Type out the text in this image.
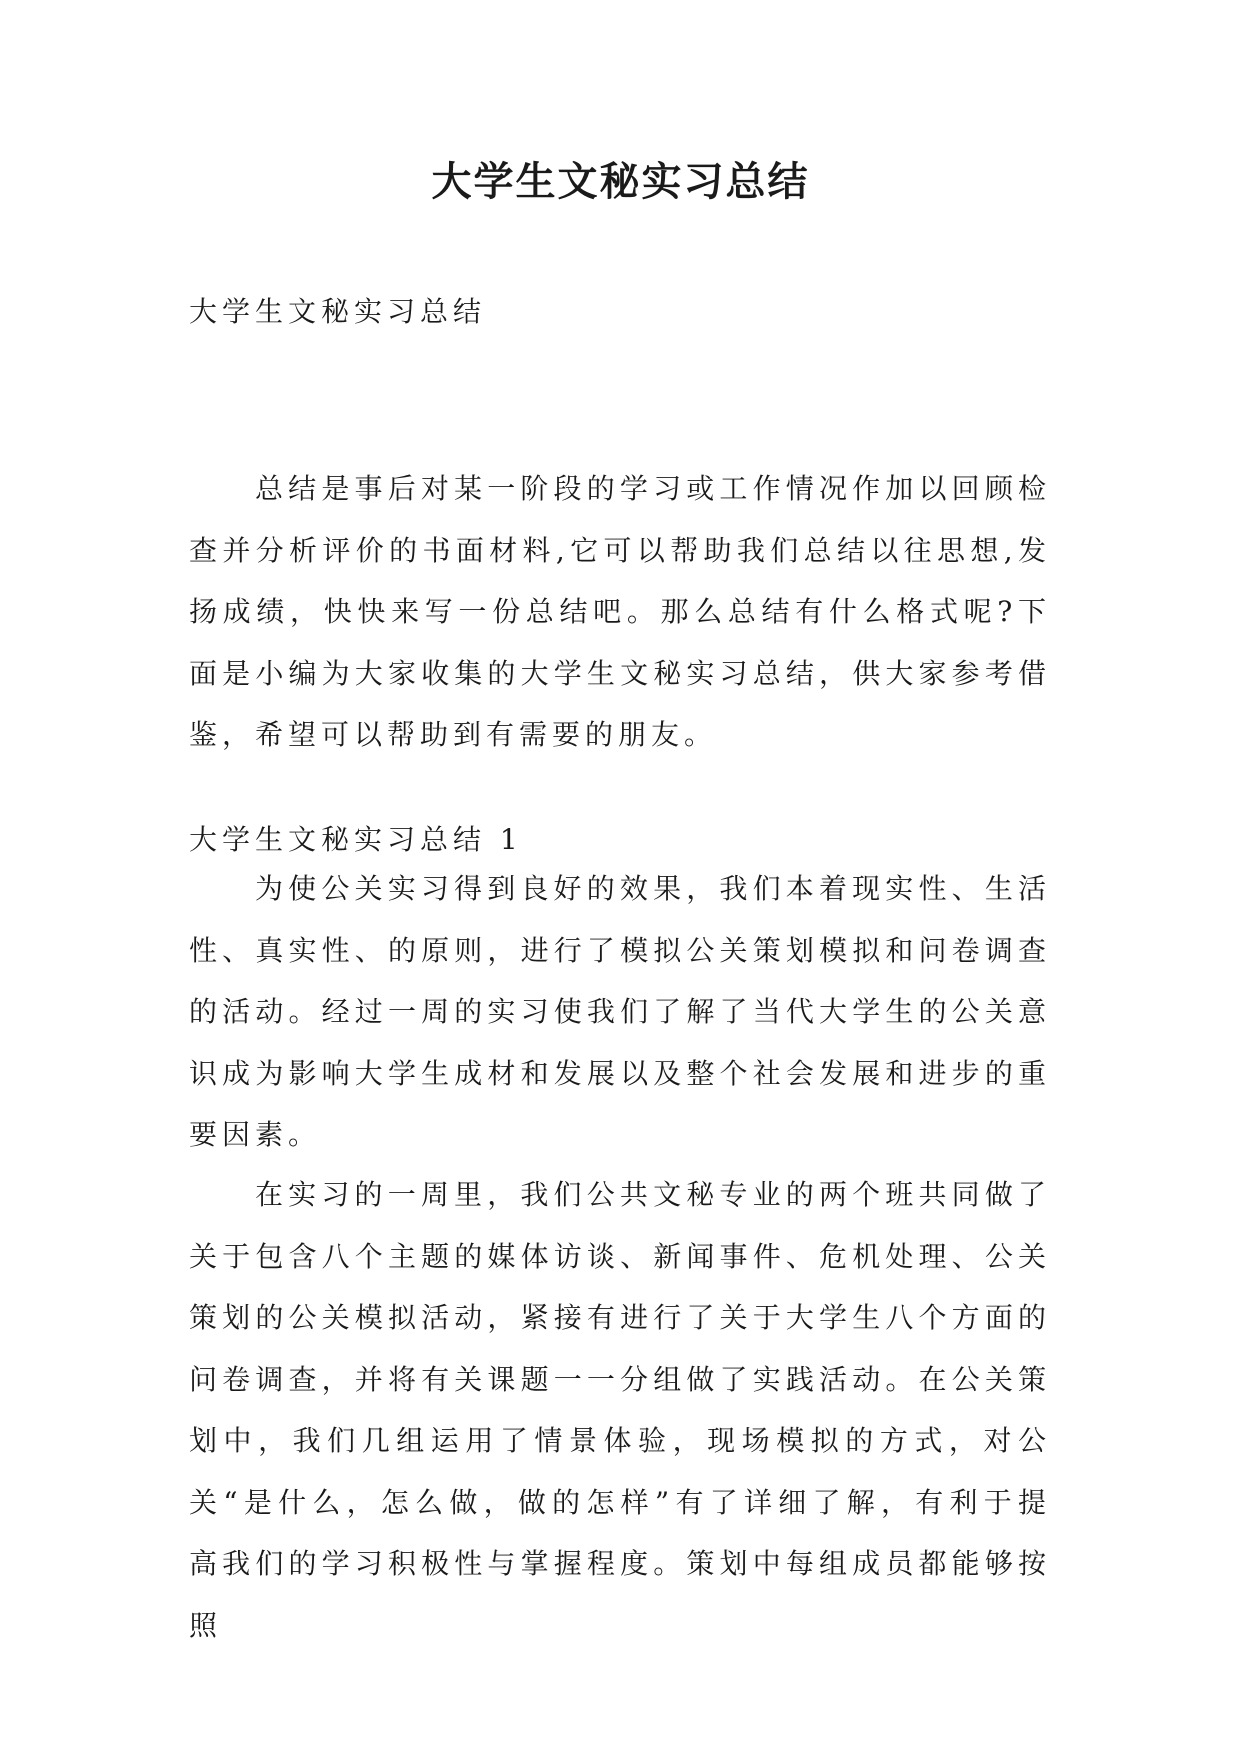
大学生文秘实习总结

大学生文秘实习总结

总结是事后对某一阶段的学习或工作情况作加以回顾检查并分析评价的书面材料,它可以帮助我们总结以往思想,发扬成绩，快快来写一份总结吧。那么总结有什么格式呢?下面是小编为大家收集的大学生文秘实习总结，供大家参考借鉴，希望可以帮助到有需要的朋友。

大学生文秘实习总结 1

为使公关实习得到良好的效果，我们本着现实性、生活性、真实性、的原则，进行了模拟公关策划模拟和问卷调查的活动。经过一周的实习使我们了解了当代大学生的公关意识成为影响大学生成材和发展以及整个社会发展和进步的重要因素。

在实习的一周里，我们公共文秘专业的两个班共同做了关于包含八个主题的媒体访谈、新闻事件、危机处理、公关策划的公关模拟活动，紧接有进行了关于大学生八个方面的问卷调查，并将有关课题一一分组做了实践活动。在公关策划中，我们几组运用了情景体验，现场模拟的方式，对公关“是什么，怎么做，做的怎样”有了详细了解，有利于提高我们的学习积极性与掌握程度。策划中每组成员都能够按照
